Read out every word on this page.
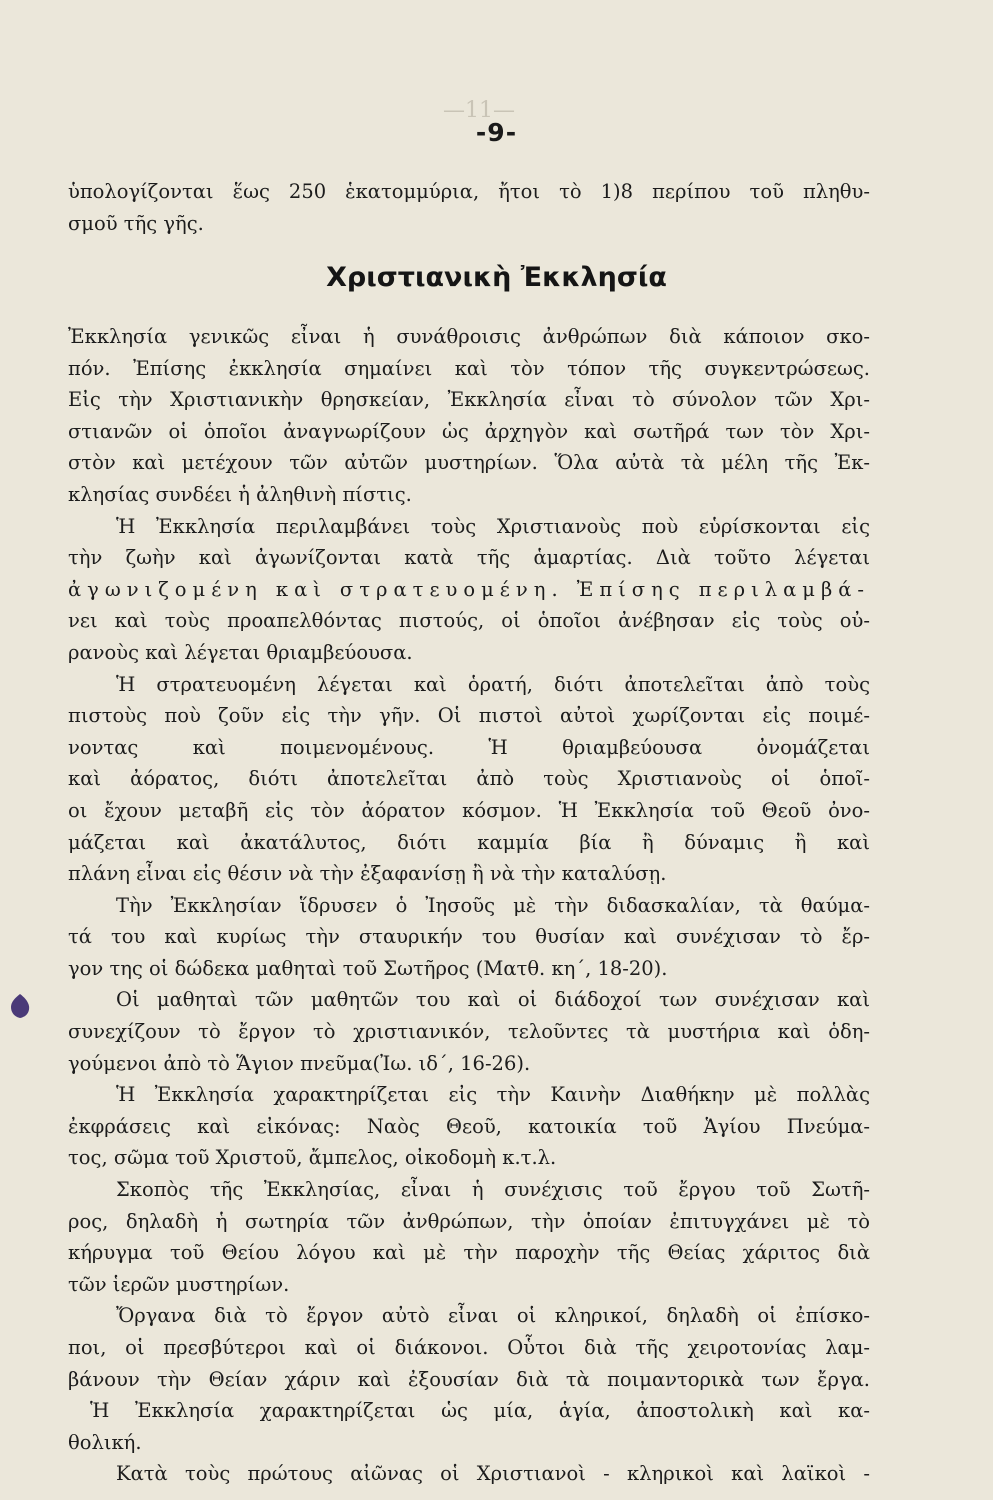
—11—
-9-
ὑπολογίζονται ἕως 250 ἑκατομμύρια, ἤτοι τὸ 1)8 περίπου τοῦ πληθυ-
σμοῦ τῆς γῆς.
Χριστιανικὴ Ἐκκλησία
Ἐκκλησία γενικῶς εἶναι ἡ συνάθροισις ἀνθρώπων διὰ κάποιον σκο-
πόν. Ἐπίσης ἐκκλησία σημαίνει καὶ τὸν τόπον τῆς συγκεντρώσεως.
Εἰς τὴν Χριστιανικὴν θρησκείαν, Ἐκκλησία εἶναι τὸ σύνολον τῶν Χρι-
στιανῶν οἱ ὁποῖοι ἀναγνωρίζουν ὡς ἀρχηγὸν καὶ σωτῆρά των τὸν Χρι-
στὸν καὶ μετέχουν τῶν αὐτῶν μυστηρίων. Ὅλα αὐτὰ τὰ μέλη τῆς Ἐκ-
κλησίας συνδέει ἡ ἀληθινὴ πίστις.
Ἡ Ἐκκλησία περιλαμβάνει τοὺς Χριστιανοὺς ποὺ εὑρίσκονται εἰς
τὴν ζωὴν καὶ ἀγωνίζονται κατὰ τῆς ἁμαρτίας. Διὰ τοῦτο λέγεται
ἀγωνιζομένη καὶ στρατευομένη. Ἐπίσης περιλαμβά-
νει καὶ τοὺς προαπελθόντας πιστούς, οἱ ὁποῖοι ἀνέβησαν εἰς τοὺς οὐ-
ρανοὺς καὶ λέγεται θριαμβεύουσα.
Ἡ στρατευομένη λέγεται καὶ ὁρατή, διότι ἀποτελεῖται ἀπὸ τοὺς
πιστοὺς ποὺ ζοῦν εἰς τὴν γῆν. Οἱ πιστοὶ αὐτοὶ χωρίζονται εἰς ποιμέ-
νοντας καὶ ποιμενομένους. Ἡ θριαμβεύουσα ὀνομάζεται
καὶ ἀόρατος, διότι ἀποτελεῖται ἀπὸ τοὺς Χριστιανοὺς οἱ ὁποῖ-
οι ἔχουν μεταβῆ εἰς τὸν ἀόρατον κόσμον. Ἡ Ἐκκλησία τοῦ Θεοῦ ὀνο-
μάζεται καὶ ἀκατάλυτος, διότι καμμία βία ἢ δύναμις ἢ καὶ
πλάνη εἶναι εἰς θέσιν νὰ τὴν ἐξαφανίσῃ ἢ νὰ τὴν καταλύσῃ.
Τὴν Ἐκκλησίαν ἵδρυσεν ὁ Ἰησοῦς μὲ τὴν διδασκαλίαν, τὰ θαύμα-
τά του καὶ κυρίως τὴν σταυρικήν του θυσίαν καὶ συνέχισαν τὸ ἔρ-
γον της οἱ δώδεκα μαθηταὶ τοῦ Σωτῆρος (Ματθ. κη΄, 18-20).
Οἱ μαθηταὶ τῶν μαθητῶν του καὶ οἱ διάδοχοί των συνέχισαν καὶ
συνεχίζουν τὸ ἔργον τὸ χριστιανικόν, τελοῦντες τὰ μυστήρια καὶ ὁδη-
γούμενοι ἀπὸ τὸ Ἅγιον πνεῦμα(Ἰω. ιδ΄, 16-26).
Ἡ Ἐκκλησία χαρακτηρίζεται εἰς τὴν Καινὴν Διαθήκην μὲ πολλὰς
ἐκφράσεις καὶ εἰκόνας: Ναὸς Θεοῦ, κατοικία τοῦ Ἁγίου Πνεύμα-
τος, σῶμα τοῦ Χριστοῦ, ἄμπελος, οἰκοδομὴ κ.τ.λ.
Σκοπὸς τῆς Ἐκκλησίας, εἶναι ἡ συνέχισις τοῦ ἔργου τοῦ Σωτῆ-
ρος, δηλαδὴ ἡ σωτηρία τῶν ἀνθρώπων, τὴν ὁποίαν ἐπιτυγχάνει μὲ τὸ
κήρυγμα τοῦ Θείου λόγου καὶ μὲ τὴν παροχὴν τῆς Θείας χάριτος διὰ
τῶν ἱερῶν μυστηρίων.
Ὄργανα διὰ τὸ ἔργον αὐτὸ εἶναι οἱ κληρικοί, δηλαδὴ οἱ ἐπίσκο-
ποι, οἱ πρεσβύτεροι καὶ οἱ διάκονοι. Οὗτοι διὰ τῆς χειροτονίας λαμ-
βάνουν τὴν Θείαν χάριν καὶ ἐξουσίαν διὰ τὰ ποιμαντορικὰ των ἔργα.
Ἡ Ἐκκλησία χαρακτηρίζεται ὡς μία, ἁγία, ἀποστολικὴ καὶ κα-
θολική.
Κατὰ τοὺς πρώτους αἰῶνας οἱ Χριστιανοὶ - κληρικοὶ καὶ λαϊκοὶ -
